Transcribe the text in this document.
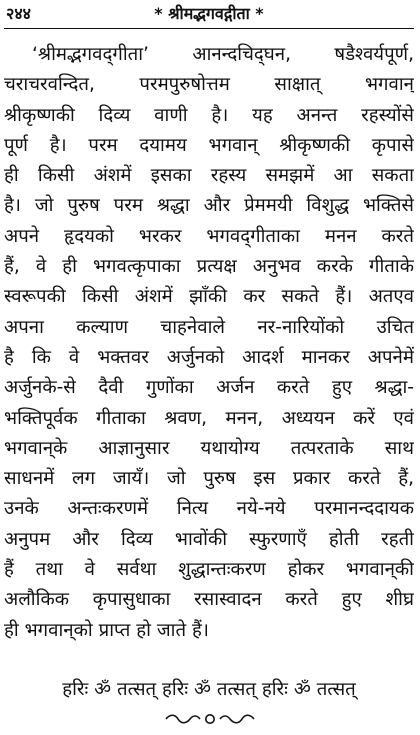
२४४	* श्रीमद्भगवद्गीता *
‘श्रीमद्भगवद्‌गीता’ आनन्दचिद्‌घन, षडैश्वर्यपूर्ण,
चराचरवन्दित, परमपुरुषोत्तम साक्षात् भगवान्
श्रीकृष्णकी दिव्य वाणी है। यह अनन्त रहस्योंसे
पूर्ण है। परम दयामय भगवान् श्रीकृष्णकी कृपासे
ही किसी अंशमें इसका रहस्य समझमें आ सकता
है। जो पुरुष परम श्रद्धा और प्रेममयी विशुद्ध भक्तिसे
अपने हृदयको भरकर भगवद्‌गीताका मनन करते
हैं, वे ही भगवत्कृपाका प्रत्यक्ष अनुभव करके गीताके
स्वरूपकी किसी अंशमें झाँकी कर सकते हैं। अतएव
अपना कल्याण चाहनेवाले नर-नारियोंको उचित
है कि वे भक्तवर अर्जुनको आदर्श मानकर अपनेमें
अर्जुनके-से दैवी गुणोंका अर्जन करते हुए श्रद्धा-
भक्तिपूर्वक गीताका श्रवण, मनन, अध्ययन करें एवं
भगवान्‌के आज्ञानुसार यथायोग्य तत्परताके साथ
साधनमें लग जायँ। जो पुरुष इस प्रकार करते हैं,
उनके अन्तःकरणमें नित्य नये-नये परमानन्ददायक
अनुपम और दिव्य भावोंकी स्फुरणाएँ होती रहती
हैं तथा वे सर्वथा शुद्धान्तःकरण होकर भगवान्‌की
अलौकिक कृपासुधाका रसास्वादन करते हुए शीघ्र
ही भगवान्‌को प्राप्त हो जाते हैं।
हरिः ॐ तत्सत् हरिः ॐ तत्सत् हरिः ॐ तत्सत्
